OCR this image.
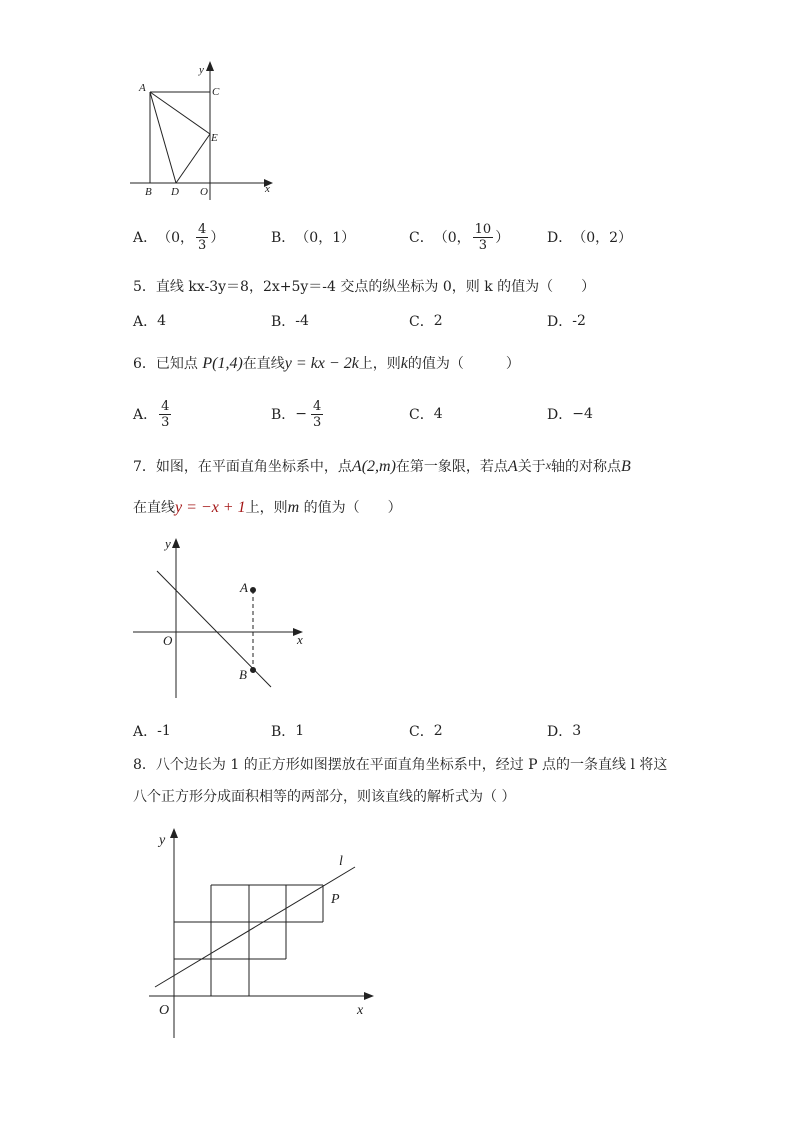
y
A	C
E
B D O	x
A． （0， $\frac{4}{3}$ ）	B． （0，1）	C． （0， $\frac{10}{3}$ ）	D． （0，2）
5．直线 kx-3y＝8，2x+5y＝-4 交点的纵坐标为 0，则 k 的值为（　　）
A． 4	B． -4	C． 2	D． -2
6．已知点 P(1,4)在直线y = kx − 2k上，则k的值为（　　　）
A． $\frac{4}{3}$	B． − $\frac{4}{3}$	C． 4	D． −4
7．如图，在平面直角坐标系中，点A(2,m)在第一象限，若点A关于x轴的对称点B
在直线y = −x + 1上，则m 的值为（　　）
y
A
O	x
B
A． -1	B． 1	C． 2	D． 3
8．八个边长为 1 的正方形如图摆放在平面直角坐标系中，经过 P 点的一条直线 l 将这
八个正方形分成面积相等的两部分，则该直线的解析式为（ ）
y
l
P
O	x
